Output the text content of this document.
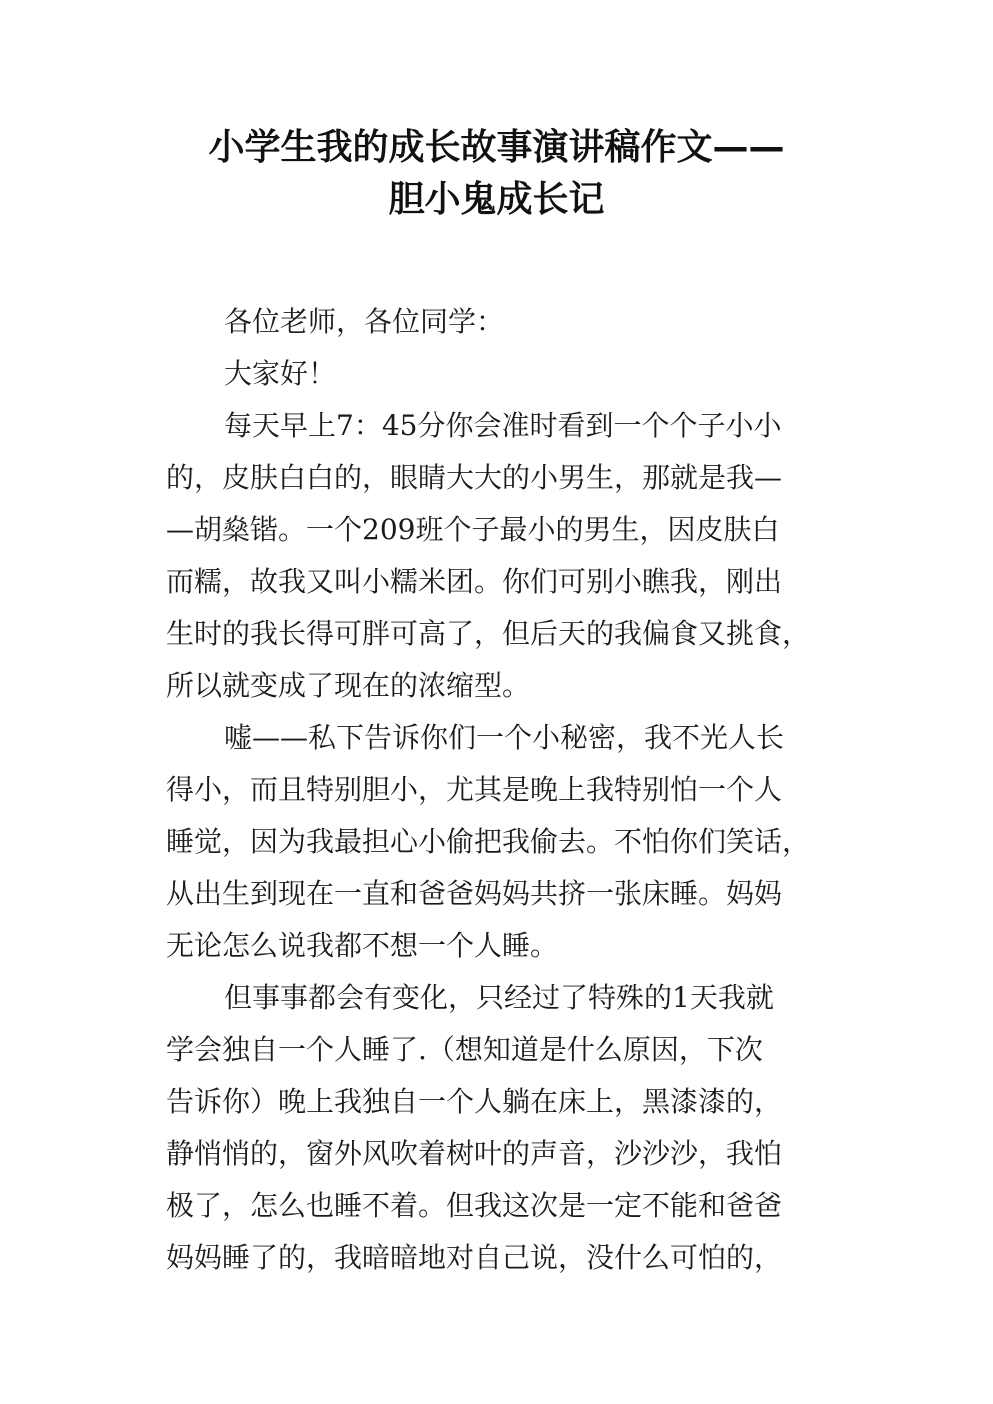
小学生我的成长故事演讲稿作文——
胆小鬼成长记
各位老师，各位同学：
大家好！
每天早上7：45分你会准时看到一个个子小小
的，皮肤白白的，眼睛大大的小男生，那就是我—
—胡燊锴。一个209班个子最小的男生，因皮肤白
而糯，故我又叫小糯米团。你们可别小瞧我，刚出
生时的我长得可胖可高了，但后天的我偏食又挑食，
所以就变成了现在的浓缩型。
嘘——私下告诉你们一个小秘密，我不光人长
得小，而且特别胆小，尤其是晚上我特别怕一个人
睡觉，因为我最担心小偷把我偷去。不怕你们笑话，
从出生到现在一直和爸爸妈妈共挤一张床睡。妈妈
无论怎么说我都不想一个人睡。
但事事都会有变化，只经过了特殊的1天我就
学会独自一个人睡了.（想知道是什么原因，下次
告诉你）晚上我独自一个人躺在床上，黑漆漆的，
静悄悄的，窗外风吹着树叶的声音，沙沙沙，我怕
极了，怎么也睡不着。但我这次是一定不能和爸爸
妈妈睡了的，我暗暗地对自己说，没什么可怕的，
